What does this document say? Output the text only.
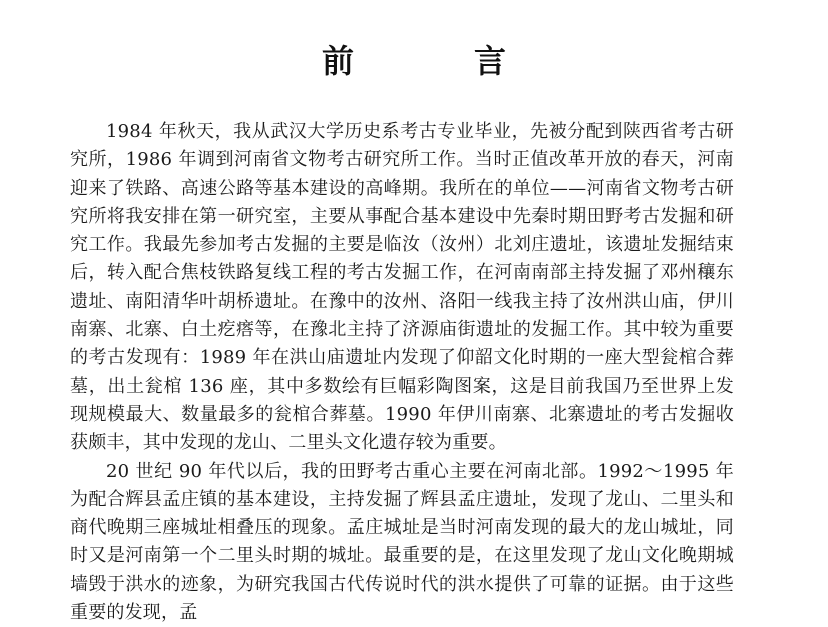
前　言

1984 年秋天，我从武汉大学历史系考古专业毕业，先被分配到陕西省考古研究所，1986 年调到河南省文物考古研究所工作。当时正值改革开放的春天，河南迎来了铁路、高速公路等基本建设的高峰期。我所在的单位——河南省文物考古研究所将我安排在第一研究室，主要从事配合基本建设中先秦时期田野考古发掘和研究工作。我最先参加考古发掘的主要是临汝（汝州）北刘庄遗址，该遗址发掘结束后，转入配合焦枝铁路复线工程的考古发掘工作，在河南南部主持发掘了邓州穰东遗址、南阳清华叶胡桥遗址。在豫中的汝州、洛阳一线我主持了汝州洪山庙，伊川南寨、北寨、白土疙瘩等，在豫北主持了济源庙街遗址的发掘工作。其中较为重要的考古发现有：1989 年在洪山庙遗址内发现了仰韶文化时期的一座大型瓮棺合葬墓，出土瓮棺 136 座，其中多数绘有巨幅彩陶图案，这是目前我国乃至世界上发现规模最大、数量最多的瓮棺合葬墓。1990 年伊川南寨、北寨遗址的考古发掘收获颇丰，其中发现的龙山、二里头文化遗存较为重要。

20 世纪 90 年代以后，我的田野考古重心主要在河南北部。1992～1995 年为配合辉县孟庄镇的基本建设，主持发掘了辉县孟庄遗址，发现了龙山、二里头和商代晚期三座城址相叠压的现象。孟庄城址是当时河南发现的最大的龙山城址，同时又是河南第一个二里头时期的城址。最重要的是，在这里发现了龙山文化晚期城墙毁于洪水的迹象，为研究我国古代传说时代的洪水提供了可靠的证据。由于这些重要的发现，孟
